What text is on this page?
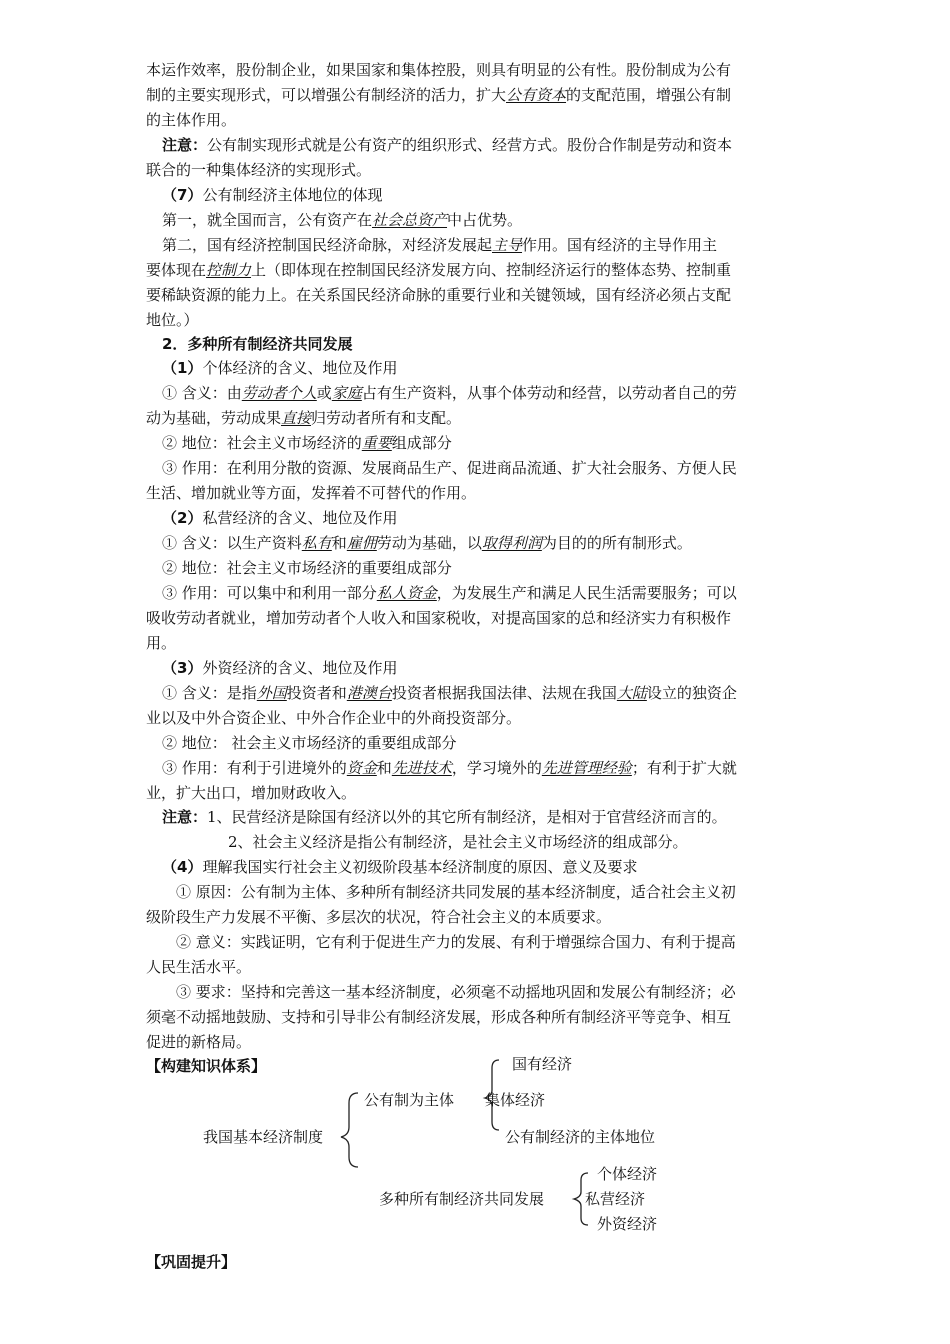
本运作效率，股份制企业，如果国家和集体控股，则具有明显的公有性。股份制成为公有
制的主要实现形式，可以增强公有制经济的活力，扩大公有资本的支配范围，增强公有制
的主体作用。
注意：公有制实现形式就是公有资产的组织形式、经营方式。股份合作制是劳动和资本
联合的一种集体经济的实现形式。
（7）公有制经济主体地位的体现
第一，就全国而言，公有资产在社会总资产中占优势。
第二，国有经济控制国民经济命脉，对经济发展起主导作用。国有经济的主导作用主
要体现在控制力上（即体现在控制国民经济发展方向、控制经济运行的整体态势、控制重
要稀缺资源的能力上。在关系国民经济命脉的重要行业和关键领域，国有经济必须占支配
地位。）
2．多种所有制经济共同发展
（1）个体经济的含义、地位及作用
① 含义：由劳动者个人或家庭占有生产资料，从事个体劳动和经营，以劳动者自己的劳
动为基础，劳动成果直接归劳动者所有和支配。
② 地位：社会主义市场经济的重要组成部分
③ 作用：在利用分散的资源、发展商品生产、促进商品流通、扩大社会服务、方便人民
生活、增加就业等方面，发挥着不可替代的作用。
（2）私营经济的含义、地位及作用
① 含义：以生产资料私有和雇佣劳动为基础，以取得利润为目的的所有制形式。
② 地位：社会主义市场经济的重要组成部分
③ 作用：可以集中和利用一部分私人资金，为发展生产和满足人民生活需要服务；可以
吸收劳动者就业，增加劳动者个人收入和国家税收，对提高国家的总和经济实力有积极作
用。
（3）外资经济的含义、地位及作用
① 含义：是指外国投资者和港澳台投资者根据我国法律、法规在我国大陆设立的独资企
业以及中外合资企业、中外合作企业中的外商投资部分。
② 地位： 社会主义市场经济的重要组成部分
③ 作用：有利于引进境外的资金和先进技术，学习境外的先进管理经验；有利于扩大就
业，扩大出口，增加财政收入。
注意：1、民营经济是除国有经济以外的其它所有制经济，是相对于官营经济而言的。
2、社会主义经济是指公有制经济，是社会主义市场经济的组成部分。
（4）理解我国实行社会主义初级阶段基本经济制度的原因、意义及要求
① 原因：公有制为主体、多种所有制经济共同发展的基本经济制度，适合社会主义初
级阶段生产力发展不平衡、多层次的状况，符合社会主义的本质要求。
② 意义：实践证明，它有利于促进生产力的发展、有利于增强综合国力、有利于提高
人民生活水平。
③ 要求：坚持和完善这一基本经济制度，必须毫不动摇地巩固和发展公有制经济；必
须毫不动摇地鼓励、支持和引导非公有制经济发展，形成各种所有制经济平等竞争、相互
促进的新格局。
【构建知识体系】
我国基本经济制度
公有制为主体
国有经济
集体经济
公有制经济的主体地位
多种所有制经济共同发展
个体经济
私营经济
外资经济
【巩固提升】
